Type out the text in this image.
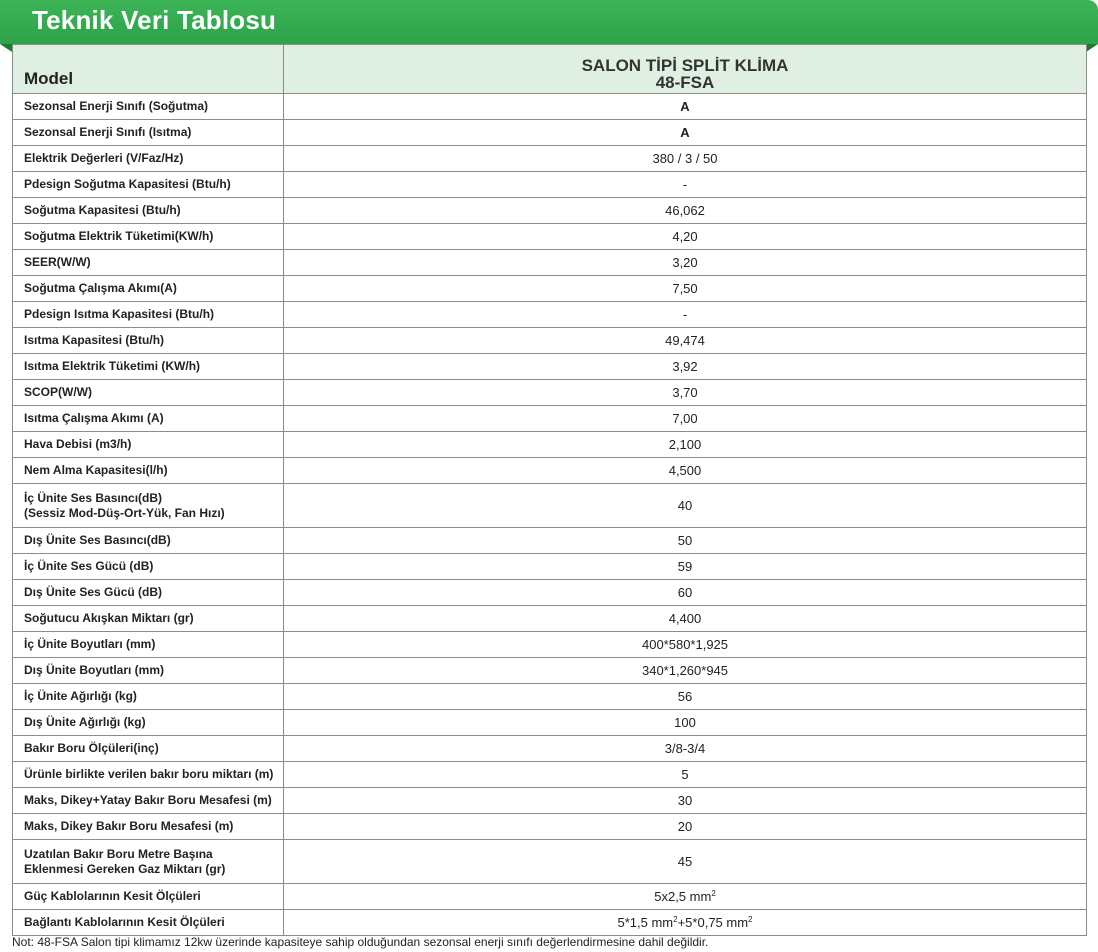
Teknik Veri Tablosu
Model	SALON TİPİ SPLİT KLİMA
48-FSA

Sezonsal Enerji Sınıfı (Soğutma)	A
Sezonsal Enerji Sınıfı (Isıtma)	A
Elektrik Değerleri (V/Faz/Hz)	380 / 3 / 50
Pdesign Soğutma Kapasitesi (Btu/h)	-
Soğutma Kapasitesi (Btu/h)	46,062
Soğutma Elektrik Tüketimi(KW/h)	4,20
SEER(W/W)	3,20
Soğutma Çalışma Akımı(A)	7,50
Pdesign Isıtma Kapasitesi (Btu/h)	-
Isıtma Kapasitesi (Btu/h)	49,474
Isıtma Elektrik Tüketimi (KW/h)	3,92
SCOP(W/W)	3,70
Isıtma Çalışma Akımı (A)	7,00
Hava Debisi (m3/h)	2,100
Nem Alma Kapasitesi(l/h)	4,500

İç Ünite Ses Basıncı(dB)
(Sessiz Mod-Düş-Ort-Yük, Fan Hızı)	40
Dış Ünite Ses Basıncı(dB)	50
İç Ünite Ses Gücü (dB)	59
Dış Ünite Ses Gücü (dB)	60
Soğutucu Akışkan Miktarı (gr)	4,400
İç Ünite Boyutları (mm)	400*580*1,925
Dış Ünite Boyutları (mm)	340*1,260*945
İç Ünite Ağırlığı (kg)	56
Dış Ünite Ağırlığı (kg)	100
Bakır Boru Ölçüleri(inç)	3/8-3/4
Ürünle birlikte verilen bakır boru miktarı (m)	5
Maks, Dikey+Yatay Bakır Boru Mesafesi (m)	30
Maks, Dikey Bakır Boru Mesafesi (m)	20

Uzatılan Bakır Boru Metre Başına
Eklenmesi Gereken Gaz Miktarı (gr)	45
Güç Kablolarının Kesit Ölçüleri	5x2,5 $mm^2$
Bağlantı Kablolarının Kesit Ölçüleri	5*1,5 $mm^2+5*0,75$ $mm^2$
Not: 48-FSA Salon tipi klimamız 12kw üzerinde kapasiteye sahip olduğundan sezonsal enerji sınıfı değerlendirmesine dahil değildir.
